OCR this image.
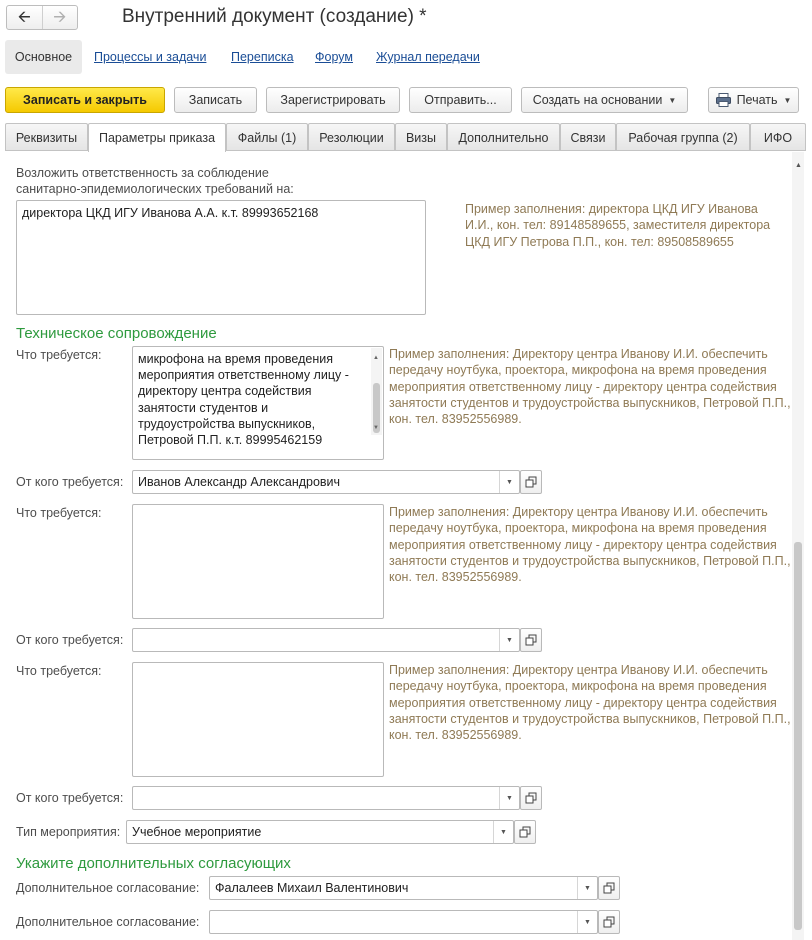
🡨	🡪	Внутренний документ (создание) *
Основное	Процессы и задачи Переписка Форум Журнал передачи
Записать и закрыть	Записать	Зарегистрировать	Отправить...	Создать на основании ▼	Печать ▼
Реквизиты	Параметры приказа	Файлы (1)	Резолюции	Визы	Дополнительно	Связи	Рабочая группа (2)	ИФО
Возложить ответственность за соблюдение
санитарно-эпидемиологических требований на:
директора ЦКД ИГУ Иванова А.А. к.т. 89993652168	Пример заполнения: директора ЦКД ИГУ Иванова И.И., кон. тел: 89148589655, заместителя директора ЦКД ИГУ Петрова П.П., кон. тел: 89508589655
Техническое сопровождение
Что требуется:	микрофона на время проведения мероприятия ответственному лицу - директору центра содействия занятости студентов и трудоустройства выпускников, Петровой П.П. к.т. 89995462159
▲
▼
Пример заполнения: Директору центра Иванову И.И. обеспечить передачу ноутбука, проектора, микрофона на время проведения мероприятия ответственному лицу - директору центра содействия занятости студентов и трудоустройства выпускников, Петровой П.П., кон. тел. 83952556989.
От кого требуется:	Иванов Александр Александрович	▼
Что требуется:	Пример заполнения: Директору центра Иванову И.И. обеспечить передачу ноутбука, проектора, микрофона на время проведения мероприятия ответственному лицу - директору центра содействия занятости студентов и трудоустройства выпускников, Петровой П.П., кон. тел. 83952556989.
От кого требуется:	▼
Что требуется:	Пример заполнения: Директору центра Иванову И.И. обеспечить передачу ноутбука, проектора, микрофона на время проведения мероприятия ответственному лицу - директору центра содействия занятости студентов и трудоустройства выпускников, Петровой П.П., кон. тел. 83952556989.
От кого требуется:	▼
Тип мероприятия: Учебное мероприятие	▼
Укажите дополнительных согласующих
Дополнительное согласование:	Фалалеев Михаил Валентинович	▼
Дополнительное согласование:	▼
▲
